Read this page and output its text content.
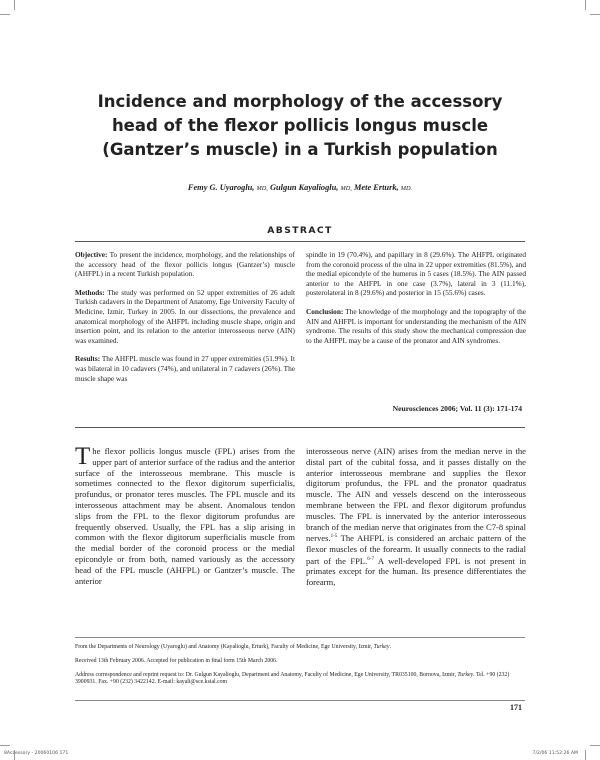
Incidence and morphology of the accessory
head of the flexor pollicis longus muscle
(Gantzer’s muscle) in a Turkish population
Femy G. Uyaroglu, MD, Gulgun Kayalioglu, MD, Mete Erturk, MD.
ABSTRACT

Objective: To present the incidence, morphology, and the relationships of the accessory head of the flexor pollicis longus (Gantzer’s) muscle (AHFPL) in a recent Turkish population.

Methods: The study was performed on 52 upper extremities of 26 adult Turkish cadavers in the Department of Anatomy, Ege University Faculty of Medicine, Izmir, Turkey in 2005. In our dissections, the prevalence and anatomical morphology of the AHFPL including muscle shape, origin and insertion point, and its relation to the anterior interosseous nerve (AIN) was examined.

Results: The AHFPL muscle was found in 27 upper extremities (51.9%). It was bilateral in 10 cadavers (74%), and unilateral in 7 cadavers (26%). The muscle shape was

spindle in 19 (70.4%), and papillary in 8 (29.6%). The AHFPL originated from the coronoid process of the ulna in 22 upper extremities (81.5%), and the medial epicondyle of the humerus in 5 cases (18.5%). The AIN passed anterior to the AHFPL in one case (3.7%), lateral in 3 (11.1%), posterolateral in 8 (29.6%) and posterior in 15 (55.6%) cases.

Conclusion: The knowledge of the morphology and the topography of the AIN and AHFPL is important for understanding the mechanism of the AIN syndrome. The results of this study show the mechanical compression due to the AHFPL may be a cause of the pronator and AIN syndromes.

Neurosciences 2006; Vol. 11 (3): 171-174
The flexor pollicis longus muscle (FPL) arises from the upper part of anterior surface of the radius and the anterior surface of the interosseous membrane. This muscle is sometimes connected to the flexor digitorum superficialis, profundus, or pronator teres muscles. The FPL muscle and its interosseous attachment may be absent. Anomalous tendon slips from the FPL to the flexor digitorum profundus are frequently observed. Usually, the FPL has a slip arising in common with the flexor digitorum superficialis muscle from the medial border of the coronoid process or the medial epicondyle or from both, named variously as the accessory head of the FPL muscle (AHFPL) or Gantzer’s muscle. The anterior
interosseous nerve (AIN) arises from the median nerve in the distal part of the cubital fossa, and it passes distally on the anterior interosseous membrane and supplies the flexor digitorum profundus, the FPL and the pronator quadratus muscle. The AIN and vessels descend on the interosseous membrane between the FPL and flexor digitorum profundus muscles. The FPL is innervated by the anterior interosseous branch of the median nerve that originates from the C7-8 spinal nerves.$^{1-5}$ The AHFPL is considered an archaic pattern of the flexor muscles of the forearm. It usually connects to the radial part of the FPL.$^{6-7}$ A well-developed FPL is not present in primates except for the human. Its presence differentiates the forearm,
From the Departments of Neurology (Uyaroglu) and Anatomy (Kayalioglu, Erturk), Faculty of Medicine, Ege University, Izmir, Turkey.
Received 13th February 2006. Accepted for publication in final form 15th March 2006.
Address correspondence and reprint request to: Dr. Gulgun Kayalioglu, Department and Anatomy, Faculty of Medicine, Ege University, TR035100, Bornova, Izmir, Turkey. Tel. +90 (232) 3900931. Fax. +90 (232) 3422142. E-mail: kayali@sce.ksial.com
171
8Accessory - 20060106 171	7/2/06 11:52:26 AM
